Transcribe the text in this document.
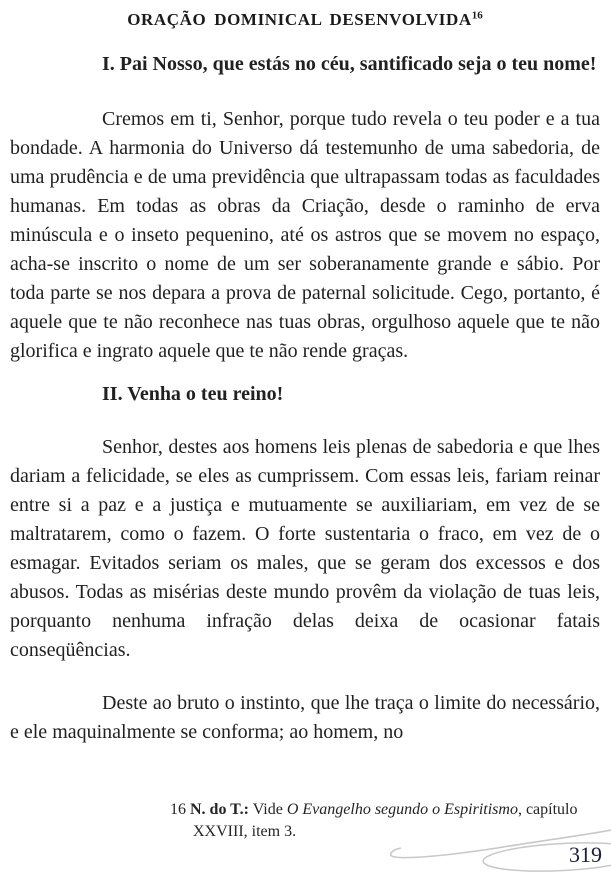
ORAÇÃO DOMINICAL DESENVOLVIDA$^{16}$

I. Pai Nosso, que estás no céu, santificado seja o teu nome!

Cremos em ti, Senhor, porque tudo revela o teu poder e a tua bondade. A harmonia do Universo dá testemunho de uma sabedoria, de uma prudência e de uma previdência que ultrapassam todas as faculdades humanas. Em todas as obras da Criação, desde o raminho de erva minúscula e o inseto pequenino, até os astros que se movem no espaço, acha-se inscrito o nome de um ser soberanamente grande e sábio. Por toda parte se nos depara a prova de paternal solicitude. Cego, portanto, é aquele que te não reconhece nas tuas obras, orgulhoso aquele que te não glorifica e ingrato aquele que te não rende graças.

II. Venha o teu reino!

Senhor, destes aos homens leis plenas de sabedoria e que lhes dariam a felicidade, se eles as cumprissem. Com essas leis, fariam reinar entre si a paz e a justiça e mutuamente se auxiliariam, em vez de se maltratarem, como o fazem. O forte sustentaria o fraco, em vez de o esmagar. Evitados seriam os males, que se geram dos excessos e dos abusos. Todas as misérias deste mundo provêm da violação de tuas leis, porquanto nenhuma infração delas deixa de ocasionar fatais conseqüências.

Deste ao bruto o instinto, que lhe traça o limite do necessário, e ele maquinalmente se conforma; ao homem, no

16 N. do T.: Vide O Evangelho segundo o Espiritismo, capítulo XXVIII, item 3.
319
